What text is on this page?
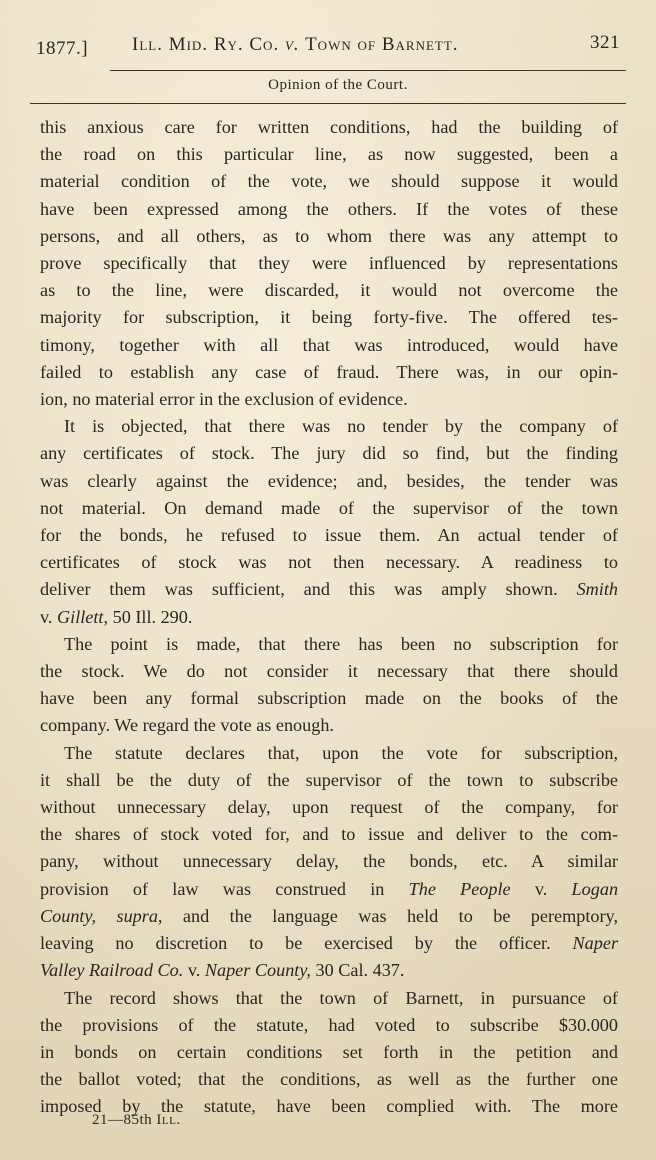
1877.] Ill. Mid. Ry. Co. v. Town of Barnett.	321
Opinion of the Court.
this anxious care for written conditions, had the building of
the road on this particular line, as now suggested, been a
material condition of the vote, we should suppose it would
have been expressed among the others. If the votes of these
persons, and all others, as to whom there was any attempt to
prove specifically that they were influenced by representations
as to the line, were discarded, it would not overcome the
majority for subscription, it being forty-five. The offered tes-
timony, together with all that was introduced, would have
failed to establish any case of fraud. There was, in our opin-
ion, no material error in the exclusion of evidence.
It is objected, that there was no tender by the company of
any certificates of stock. The jury did so find, but the finding
was clearly against the evidence; and, besides, the tender was
not material. On demand made of the supervisor of the town
for the bonds, he refused to issue them. An actual tender of
certificates of stock was not then necessary. A readiness to
deliver them was sufficient, and this was amply shown. Smith
v. Gillett, 50 Ill. 290.
The point is made, that there has been no subscription for
the stock. We do not consider it necessary that there should
have been any formal subscription made on the books of the
company. We regard the vote as enough.
The statute declares that, upon the vote for subscription,
it shall be the duty of the supervisor of the town to subscribe
without unnecessary delay, upon request of the company, for
the shares of stock voted for, and to issue and deliver to the com-
pany, without unnecessary delay, the bonds, etc. A similar
provision of law was construed in The People v. Logan
County, supra, and the language was held to be peremptory,
leaving no discretion to be exercised by the officer. Naper
Valley Railroad Co. v. Naper County, 30 Cal. 437.
The record shows that the town of Barnett, in pursuance of
the provisions of the statute, had voted to subscribe $30.000
in bonds on certain conditions set forth in the petition and
the ballot voted; that the conditions, as well as the further one
imposed by the statute, have been complied with. The more
21—85th Ill.
